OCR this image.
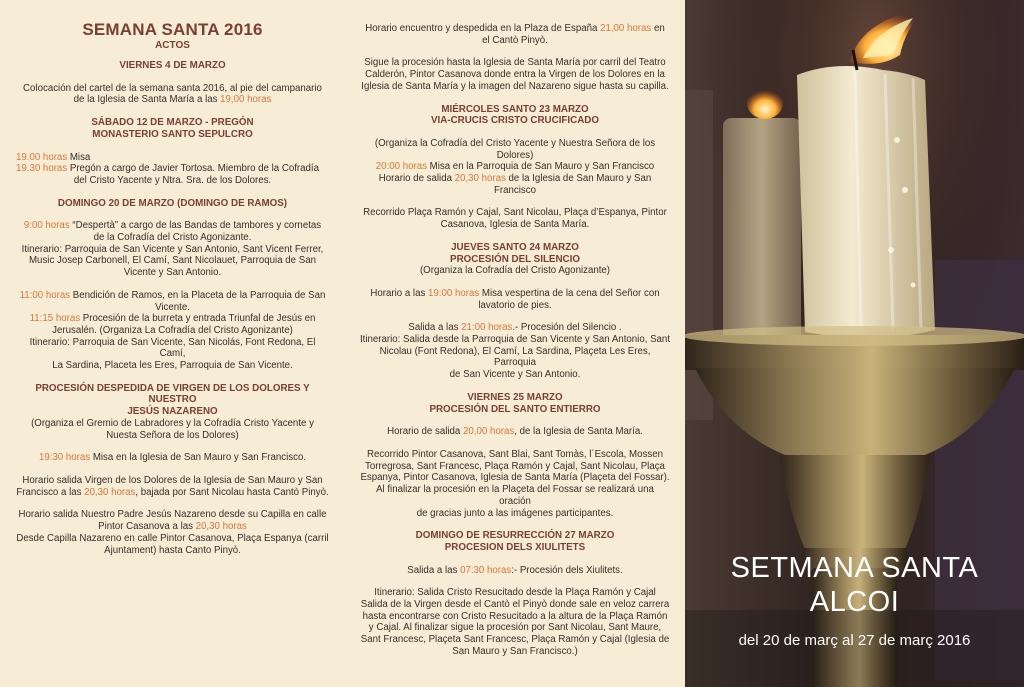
SEMANA SANTA 2016
ACTOS
VIERNES 4 DE MARZO
Colocación del cartel de la semana santa 2016, al pie del campanario
de la Iglesia de Santa María a las 19,00 horas
SÁBADO 12 DE MARZO - PREGÓN
MONASTERIO SANTO SEPULCRO
19.00 horas Misa
19.30 horas Pregón a cargo de Javier Tortosa. Miembro de la Cofradía
del Cristo Yacente y Ntra. Sra. de los Dolores.
DOMINGO 20 DE MARZO (DOMINGO DE RAMOS)
9:00 horas “Despertà” a cargo de las Bandas de tambores y cornetas
de la Cofradía del Cristo Agonizante.
Itinerario: Parroquia de San Vicente y San Antonio, Sant Vicent Ferrer,
Music Josep Carbonell, El Camí, Sant Nicolauet, Parroquia de San
Vicente y San Antonio.
11:00 horas Bendición de Ramos, en la Placeta de la Parroquia de San
Vicente.
11:15 horas Procesión de la burreta y entrada Triunfal de Jesús en
Jerusalén. (Organiza La Cofradía del Cristo Agonizante)
Itinerario: Parroquia de San Vicente, San Nicolás, Font Redona, El Camí,
La Sardina, Placeta les Eres, Parroquia de San Vicente.
PROCESIÓN DESPEDIDA DE VIRGEN DE LOS DOLORES Y NUESTRO
JESÚS NAZARENO
(Organiza el Gremio de Labradores y la Cofradía Cristo Yacente y
Nuesta Señora de los Dolores)
19:30 horas Misa en la Iglesia de San Mauro y San Francisco.
Horario salida Virgen de los Dolores de la Iglesia de San Mauro y San
Francisco a las 20,30 horas, bajada por Sant Nicolau hasta Cantò Pinyò.
Horario salida Nuestro Padre Jesús Nazareno desde su Capilla en calle
Pintor Casanova a las 20,30 horas
Desde Capilla Nazareno en calle Pintor Casanova, Plaça Espanya (carril
Ajuntament) hasta Canto Pinyò.
Horario encuentro y despedida en la Plaza de España 21,00 horas en
el Cantò Pinyò.
Sigue la procesión hasta la Iglesia de Santa María por carril del Teatro
Calderón, Pintor Casanova donde entra la Virgen de los Dolores en la
Iglesia de Santa María y la imagen del Nazareno sigue hasta su capilla.
MIÉRCOLES SANTO 23 MARZO
VIA-CRUCIS CRISTO CRUCIFICADO
(Organiza la Cofradía del Cristo Yacente y Nuestra Señora de los Dolores)
20:00 horas Misa en la Parroquia de San Mauro y San Francisco
Horario de salida 20,30 horas de la Iglesia de San Mauro y San Francisco
Recorrido Plaça Ramón y Cajal, Sant Nicolau, Plaça d’Espanya, Pintor
Casanova, Iglesia de Santa María.
JUEVES SANTO 24 MARZO
PROCESIÓN DEL SILENCIO
(Organiza la Cofradía del Cristo Agonizante)
Horario a las 19:00 horas Misa vespertina de la cena del Señor con
lavatorio de pies.
Salida a las 21:00 horas.- Procesión del Silencio .
Itinerario: Salida desde la Parroquia de San Vicente y San Antonio, Sant
Nicolau (Font Redona), El Camí, La Sardina, Plaçeta Les Eres, Parroquia
de San Vicente y San Antonio.
VIERNES 25 MARZO
PROCESIÓN DEL SANTO ENTIERRO
Horario de salida 20,00 horas, de la Iglesia de Santa María.
Recorrido Pintor Casanova, Sant Blai, Sant Tomàs, l´Escola, Mossen
Torregrosa, Sant Francesc, Plaça Ramón y Cajal, Sant Nicolau, Plaça
Espanya, Pintor Casanova, Iglesia de Santa María (Plaçeta del Fossar).
Al finalizar la procesión en la Plaçeta del Fossar se realizará una oración
de gracias junto a las imágenes participantes.
DOMINGO DE RESURRECCIÓN 27 MARZO
PROCESION DELS XIULITETS
Salida a las 07:30 horas:- Procesión dels Xiulitets.
Itinerario: Salida Cristo Resucitado desde la Plaça Ramón y Cajal
Salida de la Virgen desde el Cantò el Pinyò donde sale en veloz carrera
hasta encontrarse con Cristo Resucitado a la altura de la Plaça Ramón
y Cajal. Al finalizar sigue la procesión por Sant Nicolau, Sant Maure,
Sant Francesc, Plaçeta Sant Francesc, Plaça Ramón y Cajal (Iglesia de
San Mauro y San Francisco.)
SETMANA SANTA
ALCOI
del 20 de març al 27 de març 2016
